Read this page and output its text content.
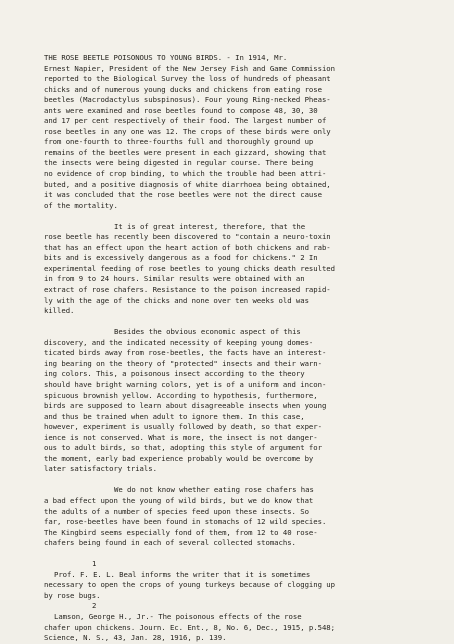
THE ROSE BEETLE POISONOUS TO YOUNG BIRDS. - In 1914, Mr.
Ernest Napier, President of the New Jersey Fish and Game Commission
reported to the Biological Survey the loss of hundreds of pheasant
chicks and of numerous young ducks and chickens from eating rose
beetles (Macrodactylus subspinosus). Four young Ring-necked Pheas-
ants were examined and rose beetles found to compose 48, 30, 30
and 17 per cent respectively of their food. The largest number of
rose beetles in any one was 12. The crops of these birds were only
from one-fourth to three-fourths full and thoroughly ground up
remains of the beetles were present in each gizzard, showing that
the insects were being digested in regular course. There being
no evidence of crop binding, to which the trouble had been attri-
buted, and a positive diagnosis of white diarrhoea being obtained,
it was concluded that the rose beetles were not the direct cause
of the mortality.
It is of great interest, therefore, that the
rose beetle has recently been discovered to "contain a neuro-toxin
that has an effect upon the heart action of both chickens and rab-
bits and is excessively dangerous as a food for chickens." 2 In
experimental feeding of rose beetles to young chicks death resulted
in from 9 to 24 hours. Similar results were obtained with an
extract of rose chafers. Resistance to the poison increased rapid-
ly with the age of the chicks and none over ten weeks old was
killed.
Besides the obvious economic aspect of this
discovery, and the indicated necessity of keeping young domes-
ticated birds away from rose-beetles, the facts have an interest-
ing bearing on the theory of "protected" insects and their warn-
ing colors. This, a poisonous insect according to the theory
should have bright warning colors, yet is of a uniform and incon-
spicuous brownish yellow. According to hypothesis, furthermore,
birds are supposed to learn about disagreeable insects when young
and thus be trained when adult to ignore them. In this case,
however, experiment is usually followed by death, so that exper-
ience is not conserved. What is more, the insect is not danger-
ous to adult birds, so that, adopting this style of argument for
the moment, early bad experience probably would be overcome by
later satisfactory trials.
We do not know whether eating rose chafers has
a bad effect upon the young of wild birds, but we do know that
the adults of a number of species feed upon these insects. So
far, rose-beetles have been found in stomachs of 12 wild species.
The Kingbird seems especially fond of them, from 12 to 40 rose-
chafers being found in each of several collected stomachs.
1
Prof. F. E. L. Beal informs the writer that it is sometimes
necessary to open the crops of young turkeys because of clogging up
by rose bugs.
2
Lamson, George H., Jr.- The poisonous effects of the rose
chafer upon chickens. Journ. Ec. Ent., 8, No. 6, Dec., 1915, p.548;
Science, N. S., 43, Jan. 28, 1916, p. 139.
